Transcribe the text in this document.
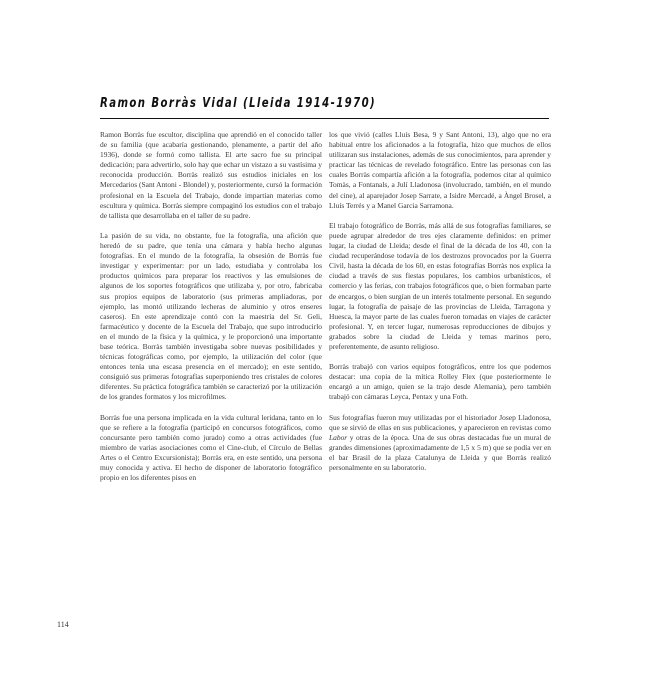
Ramon Borràs Vidal (Lleida 1914-1970)

Ramon Borràs fue escultor, disciplina que aprendió en el conocido taller de su familia (que acabaría gestionando, plenamente, a partir del año 1936), donde se formó como tallista. El arte sacro fue su principal dedicación; para advertirlo, solo hay que echar un vistazo a su vastísima y reconocida producción. Borràs realizó sus estudios iniciales en los Mercedarios (Sant Antoni - Blondel) y, posteriormente, cursó la formación profesional en la Escuela del Trabajo, donde impartían materias como escultura y química. Borràs siempre compaginó los estudios con el trabajo de tallista que desarrollaba en el taller de su padre.

La pasión de su vida, no obstante, fue la fotografía, una afición que heredó de su padre, que tenía una cámara y había hecho algunas fotografías. En el mundo de la fotografía, la obsesión de Borràs fue investigar y experimentar: por un lado, estudiaba y controlaba los productos químicos para preparar los reactivos y las emulsiones de algunos de los soportes fotográficos que utilizaba y, por otro, fabricaba sus propios equipos de laboratorio (sus primeras ampliadoras, por ejemplo, las montó utilizando lecheras de aluminio y otros enseres caseros). En este aprendizaje contó con la maestría del Sr. Geli, farmacéutico y docente de la Escuela del Trabajo, que supo introducirlo en el mundo de la física y la química, y le proporcionó una importante base teórica. Borràs también investigaba sobre nuevas posibilidades y técnicas fotográficas como, por ejemplo, la utilización del color (que entonces tenía una escasa presencia en el mercado); en este sentido, consiguió sus primeras fotografías superponiendo tres cristales de colores diferentes. Su práctica fotográfica también se caracterizó por la utilización de los grandes formatos y los microfilmes.

Borràs fue una persona implicada en la vida cultural leridana, tanto en lo que se refiere a la fotografía (participó en concursos fotográficos, como concursante pero también como jurado) como a otras actividades (fue miembro de varias asociaciones como el Cine-club, el Círculo de Bellas Artes o el Centro Excursionista); Borràs era, en este sentido, una persona muy conocida y activa. El hecho de disponer de laboratorio fotográfico propio en los diferentes pisos en

los que vivió (calles Lluís Besa, 9 y Sant Antoni, 13), algo que no era habitual entre los aficionados a la fotografía, hizo que muchos de ellos utilizaran sus instalaciones, además de sus conocimientos, para aprender y practicar las técnicas de revelado fotográfico. Entre las personas con las cuales Borràs compartía afición a la fotografía, podemos citar al químico Tomàs, a Fontanals, a Julí Lladonosa (involucrado, también, en el mundo del cine), al aparejador Josep Sarrate, a Isidre Mercadé, a Àngel Brosel, a Lluís Terrés y a Manel Garcia Sarramona.

El trabajo fotográfico de Borràs, más allá de sus fotografías familiares, se puede agrupar alrededor de tres ejes claramente definidos: en primer lugar, la ciudad de Lleida; desde el final de la década de los 40, con la ciudad recuperándose todavía de los destrozos provocados por la Guerra Civil, hasta la década de los 60, en estas fotografías Borràs nos explica la ciudad a través de sus fiestas populares, los cambios urbanísticos, el comercio y las ferias, con trabajos fotográficos que, o bien formaban parte de encargos, o bien surgían de un interés totalmente personal. En segundo lugar, la fotografía de paisaje de las provincias de Lleida, Tarragona y Huesca, la mayor parte de las cuales fueron tomadas en viajes de carácter profesional. Y, en tercer lugar, numerosas reproducciones de dibujos y grabados sobre la ciudad de Lleida y temas marinos pero, preferentemente, de asunto religioso.

Borràs trabajó con varios equipos fotográficos, entre los que podemos destacar: una copia de la mítica Rolley Flex (que posteriormente le encargó a un amigo, quien se la trajo desde Alemania), pero también trabajó con cámaras Leyca, Pentax y una Foth.

Sus fotografías fueron muy utilizadas por el historiador Josep Lladonosa, que se sirvió de ellas en sus publicaciones, y aparecieron en revistas como Labor y otras de la época. Una de sus obras destacadas fue un mural de grandes dimensiones (aproximadamente de 1,5 x 5 m) que se podía ver en el bar Brasil de la plaza Catalunya de Lleida y que Borràs realizó personalmente en su laboratorio.

114
